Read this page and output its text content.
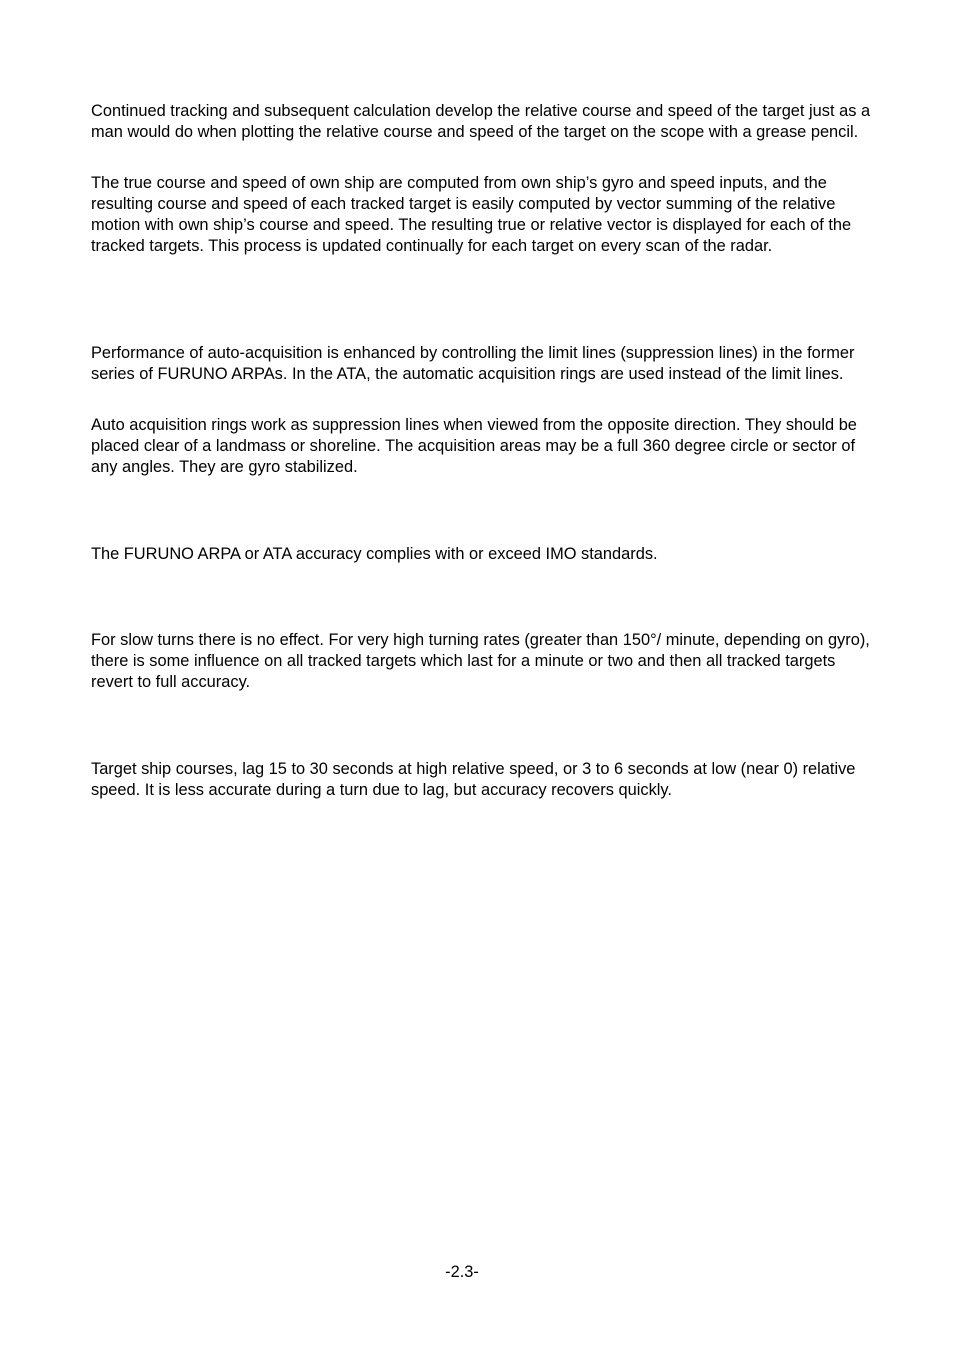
Continued tracking and subsequent calculation develop the relative course and speed of the target just as a man would do when plotting the relative course and speed of the target on the scope with a grease pencil.

The true course and speed of own ship are computed from own ship’s gyro and speed inputs, and the resulting course and speed of each tracked target is easily computed by vector summing of the relative motion with own ship’s course and speed. The resulting true or relative vector is displayed for each of the tracked targets. This process is updated continually for each target on every scan of the radar.

Performance of auto-acquisition is enhanced by controlling the limit lines (suppression lines) in the former series of FURUNO ARPAs. In the ATA, the automatic acquisition rings are used instead of the limit lines.

Auto acquisition rings work as suppression lines when viewed from the opposite direction. They should be placed clear of a landmass or shoreline. The acquisition areas may be a full 360 degree circle or sector of any angles. They are gyro stabilized.

The FURUNO ARPA or ATA accuracy complies with or exceed IMO standards.

For slow turns there is no effect. For very high turning rates (greater than 150°/ minute, depending on gyro), there is some influence on all tracked targets which last for a minute or two and then all tracked targets revert to full accuracy.

Target ship courses, lag 15 to 30 seconds at high relative speed, or 3 to 6 seconds at low (near 0) relative speed. It is less accurate during a turn due to lag, but accuracy recovers quickly.

-2.3-
